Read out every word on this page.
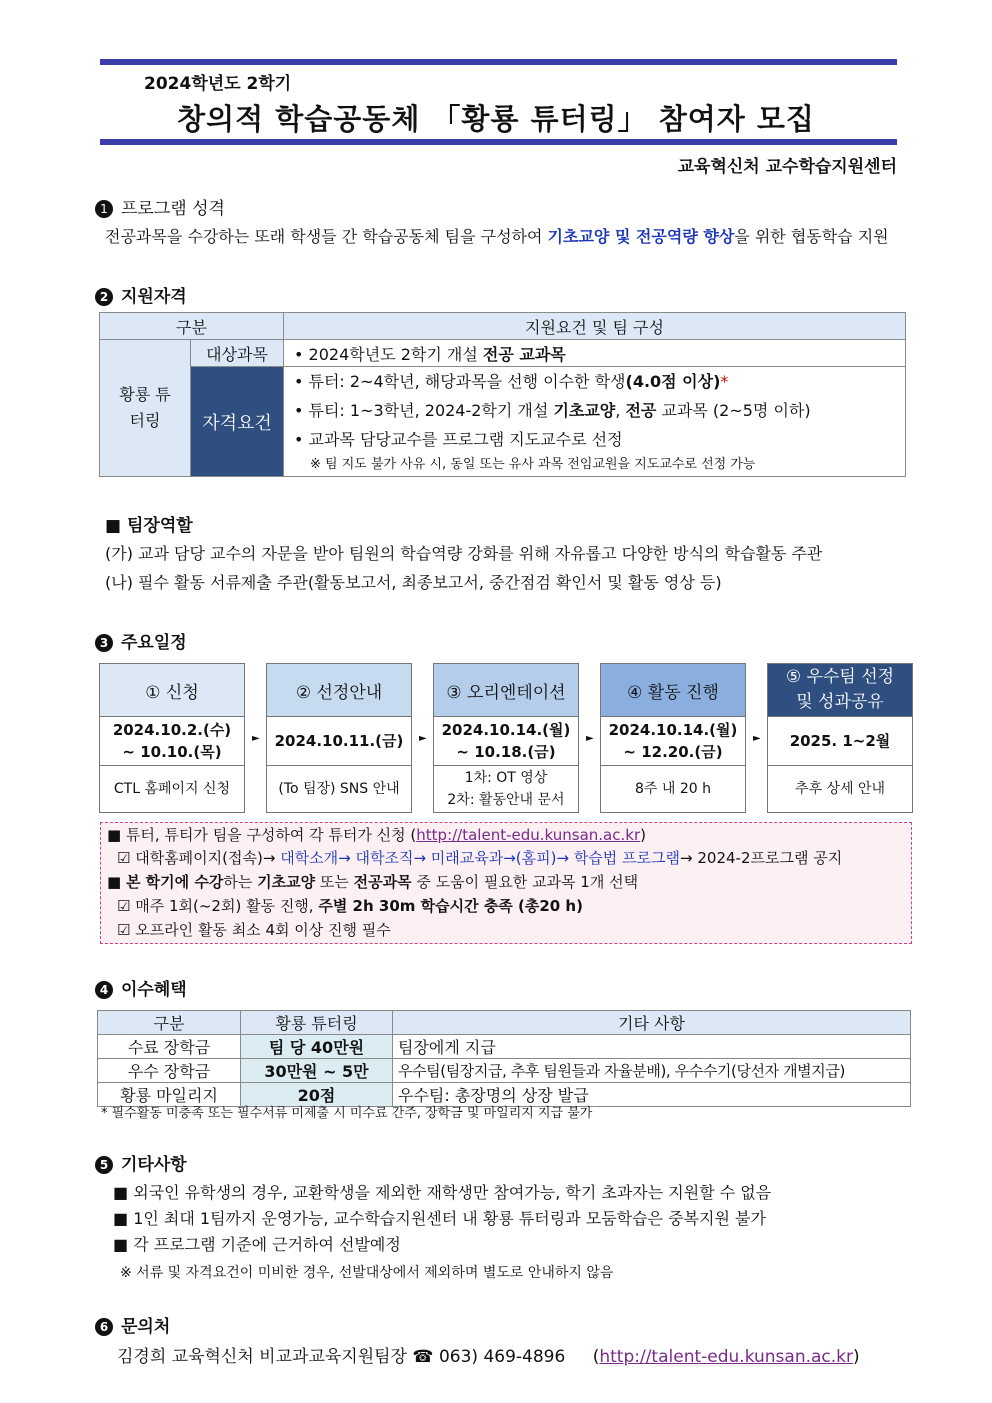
2024학년도 2학기
창의적 학습공동체 「황룡 튜터링」 참여자 모집
교육혁신처 교수학습지원센터
1 프로그램 성격
전공과목을 수강하는 또래 학생들 간 학습공동체 팀을 구성하여 기초교양 및 전공역량 향상을 위한 협동학습 지원
2 지원자격
구분		지원요건 및 팀 구성
황룡 튜터링	대상과목	• 2024학년도 2학기 개설 전공 교과목
	자격요건	• 튜터: 2~4학년, 해당과목을 선행 이수한 학생(4.0점 이상)*
• 튜티: 1~3학년, 2024-2학기 개설 기초교양, 전공 교과목 (2~5명 이하)
• 교과목 담당교수를 프로그램 지도교수로 선정
※ 팀 지도 불가 사유 시, 동일 또는 유사 과목 전임교원을 지도교수로 선정 가능
■ 팀장역할
(가) 교과 담당 교수의 자문을 받아 팀원의 학습역량 강화를 위해 자유롭고 다양한 방식의 학습활동 주관
(나) 필수 활동 서류제출 주관(활동보고서, 최종보고서, 중간점검 확인서 및 활동 영상 등)
3 주요일정
① 신청
2024.10.2.(수)
~ 10.10.(목)
CTL 홈페이지 신청
►
② 선정안내
2024.10.11.(금)
(To 팀장) SNS 안내
►
③ 오리엔테이션
2024.10.14.(월)
~ 10.18.(금)
1차: OT 영상
2차: 활동안내 문서
►
④ 활동 진행
2024.10.14.(월)
~ 12.20.(금)
8주 내 20 h
►
⑤ 우수팀 선정
및 성과공유
2025. 1~2월
추후 상세 안내
■ 튜터, 튜티가 팀을 구성하여 각 튜터가 신청 (http://talent-edu.kunsan.ac.kr)
☑ 대학홈페이지(접속)→ 대학소개→ 대학조직→ 미래교육과→(홈피)→ 학습법 프로그램→ 2024-2프로그램 공지
■ 본 학기에 수강하는 기초교양 또는 전공과목 중 도움이 필요한 교과목 1개 선택
☑ 매주 1회(~2회) 활동 진행, 주별 2h 30m 학습시간 충족 (총20 h)
☑ 오프라인 활동 최소 4회 이상 진행 필수
4 이수혜택
구분	황룡 튜터링	기타 사항
수료 장학금	팀 당 40만원	팀장에게 지급
우수 장학금	30만원 ~ 5만	우수팀(팀장지급, 추후 팀원들과 자율분배), 우수수기(당선자 개별지급)
황룡 마일리지	20점	우수팀: 총장명의 상장 발급
* 필수활동 미충족 또는 필수서류 미제출 시 미수료 간주, 장학금 및 마일리지 지급 불가
5 기타사항
■ 외국인 유학생의 경우, 교환학생을 제외한 재학생만 참여가능, 학기 초과자는 지원할 수 없음
■ 1인 최대 1팀까지 운영가능, 교수학습지원센터 내 황룡 튜터링과 모둠학습은 중복지원 불가
■ 각 프로그램 기준에 근거하여 선발예정
※ 서류 및 자격요건이 미비한 경우, 선발대상에서 제외하며 별도로 안내하지 않음
6 문의처
김경희 교육혁신처 비교과교육지원팀장 ☎ 063) 469-4896 (http://talent-edu.kunsan.ac.kr)
